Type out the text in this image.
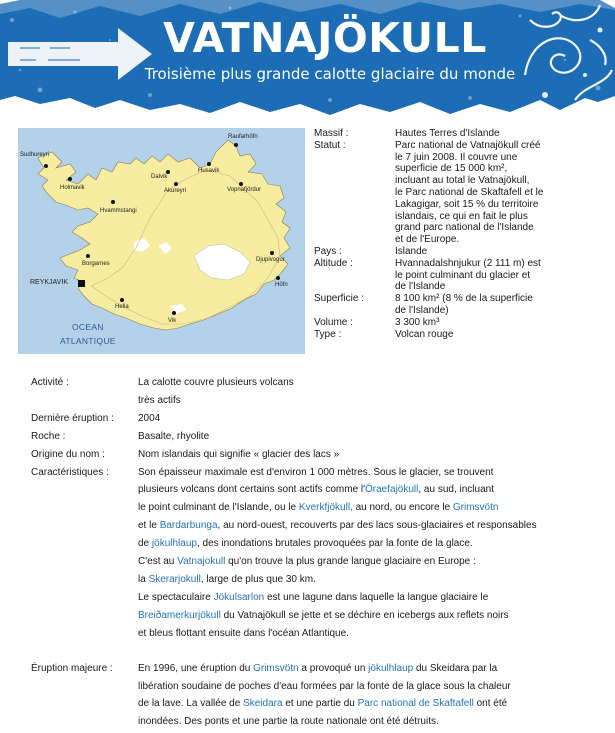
VATNAJÖKULL
Troisième plus grande calotte glaciaire du monde
Raufarhöfn
Sudhureyri
Dalvik
Husavik
Holmavik	Akureyri	Vopnafjördur
Hvammstangi
Borgarnes
Djupivogur
REYKJAVIK	Höfn
Hella
Vik
OCEAN
ATLANTIQUE
Massif :	Hautes Terres d'Islande
Statut :	Parc national de Vatnajökull créé
le 7 juin 2008. Il couvre une
superficie de 15 000 km²,
incluant au total le Vatnajökull,
le Parc national de Skaftafell et le
Lakagigar, soit 15 % du territoire
islandais, ce qui en fait le plus
grand parc national de l'Islande
et de l'Europe.
Pays :	Islande
Altitude :	Hvannadalshnjukur (2 111 m) est
le point culminant du glacier et
de l'Islande
Superficie :	8 100 km² (8 % de la superficie
de l'Islande)
Volume :	3 300 km³
Type :	Volcan rouge
Activité :	La calotte couvre plusieurs volcans
très actifs
Dernière éruption :	2004
Roche :	Basalte, rhyolite
Origine du nom :	Nom islandais qui signifie « glacier des lacs »
Caractéristiques :	Son épaisseur maximale est d'environ 1 000 mètres. Sous le glacier, se trouvent
plusieurs volcans dont certains sont actifs comme l'Öraefajökull, au sud, incluant
le point culminant de l'Islande, ou le Kverkfjökull, au nord, ou encore le Grimsvötn
et le Bardarbunga, au nord-ouest, recouverts par des lacs sous-glaciaires et responsables
de jökulhlaup, des inondations brutales provoquées par la fonte de la glace.
C'est au Vatnajokull qu'on trouve la plus grande langue glaciaire en Europe :
la Skerarjokull, large de plus que 30 km.
Le spectaculaire Jökulsarlon est une lagune dans laquelle la langue glaciaire le
Breiðamerkurjökull du Vatnajökull se jette et se déchire en icebergs aux reflets noirs
et bleus flottant ensuite dans l'océan Atlantique.
Éruption majeure :	En 1996, une éruption du Grimsvötn a provoqué un jökulhlaup du Skeidara par la
libération soudaine de poches d'eau formées par la fonte de la glace sous la chaleur
de la lave. La vallée de Skeidara et une partie du Parc national de Skaftafell ont été
inondées. Des ponts et une partie la route nationale ont été détruits.
